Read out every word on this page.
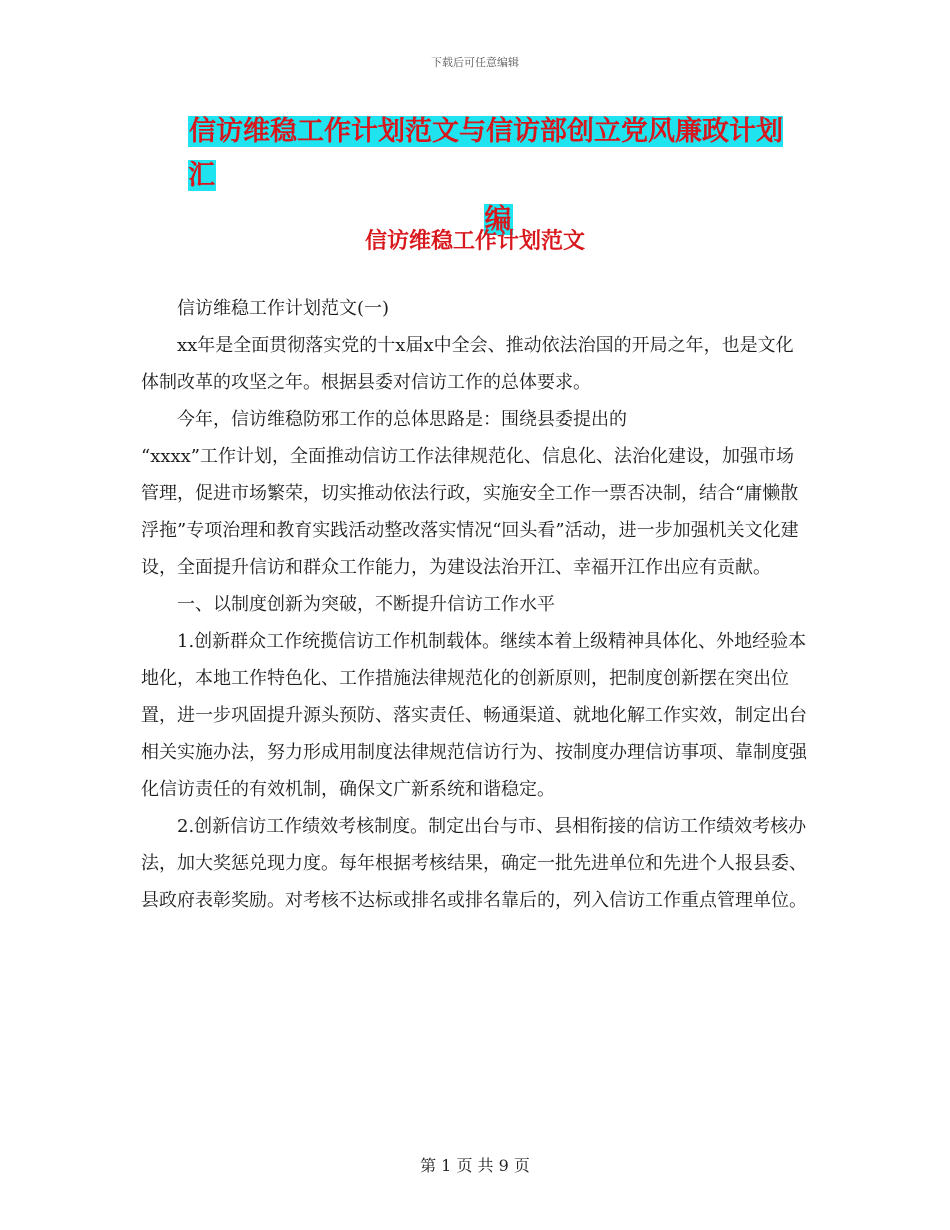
下载后可任意编辑
信访维稳工作计划范文与信访部创立党风廉政计划汇
编
信访维稳工作计划范文

信访维稳工作计划范文(一)

xx年是全面贯彻落实党的十x届x中全会、推动依法治国的开局之年，也是文化体制改革的攻坚之年。根据县委对信访工作的总体要求。

今年，信访维稳防邪工作的总体思路是：围绕县委提出的

“xxxx”工作计划，全面推动信访工作法律规范化、信息化、法治化建设，加强市场管理，促进市场繁荣，切实推动依法行政，实施安全工作一票否决制，结合“庸懒散浮拖”专项治理和教育实践活动整改落实情况“回头看”活动，进一步加强机关文化建设，全面提升信访和群众工作能力，为建设法治开江、幸福开江作出应有贡献。

一、以制度创新为突破，不断提升信访工作水平

1.创新群众工作统揽信访工作机制载体。继续本着上级精神具体化、外地经验本地化，本地工作特色化、工作措施法律规范化的创新原则，把制度创新摆在突出位置，进一步巩固提升源头预防、落实责任、畅通渠道、就地化解工作实效，制定出台相关实施办法，努力形成用制度法律规范信访行为、按制度办理信访事项、靠制度强化信访责任的有效机制，确保文广新系统和谐稳定。

2.创新信访工作绩效考核制度。制定出台与市、县相衔接的信访工作绩效考核办法，加大奖惩兑现力度。每年根据考核结果，确定一批先进单位和先进个人报县委、县政府表彰奖励。对考核不达标或排名或排名靠后的，列入信访工作重点管理单位。

第 1 页 共 9 页
